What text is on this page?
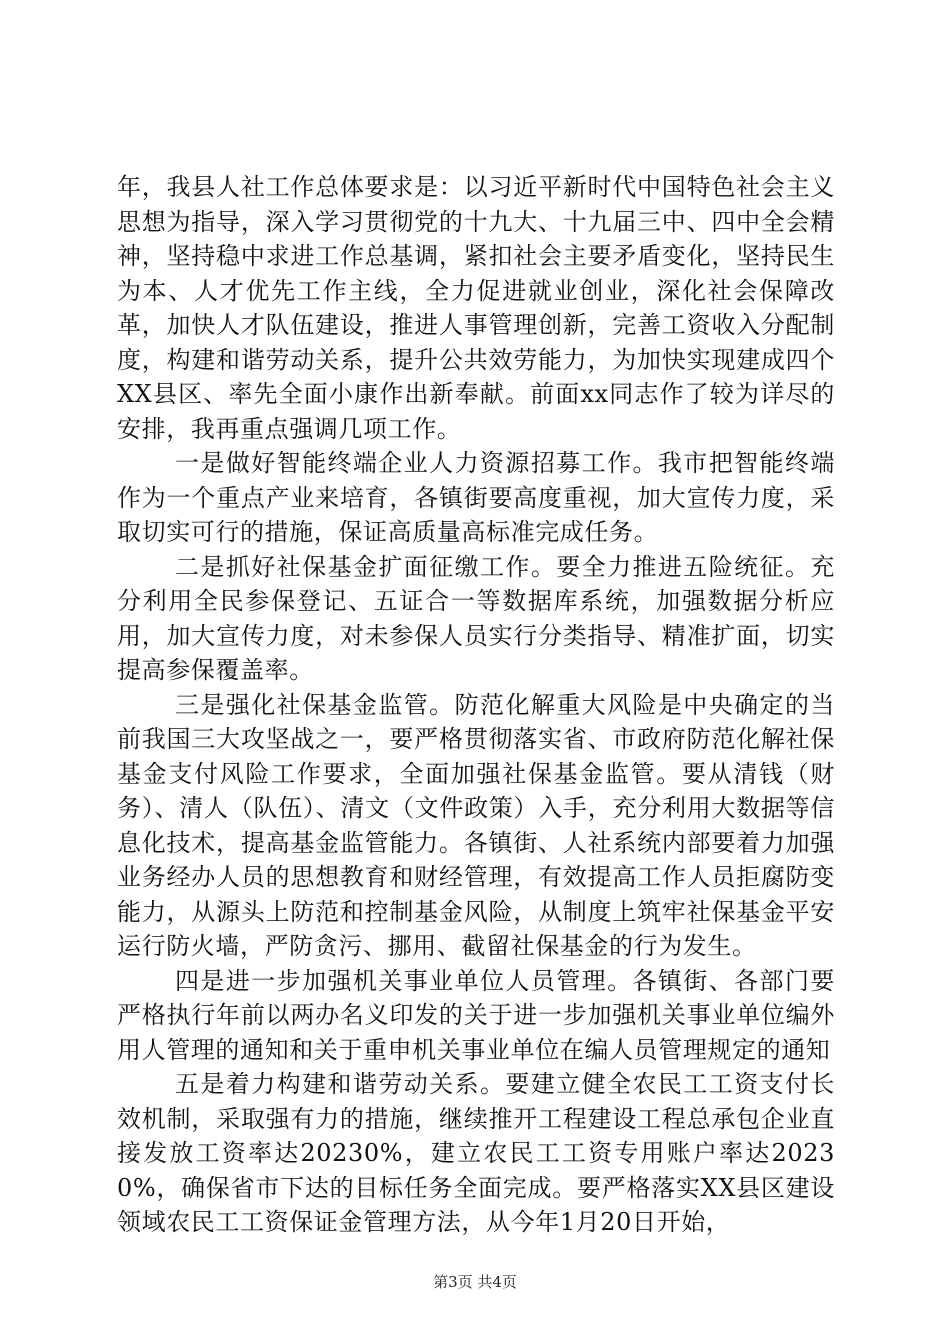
年，我县人社工作总体要求是：以习近平新时代中国特色社会主义思想为指导，深入学习贯彻党的十九大、十九届三中、四中全会精神，坚持稳中求进工作总基调，紧扣社会主要矛盾变化，坚持民生为本、人才优先工作主线，全力促进就业创业，深化社会保障改革，加快人才队伍建设，推进人事管理创新，完善工资收入分配制度，构建和谐劳动关系，提升公共效劳能力，为加快实现建成四个XX县区、率先全面小康作出新奉献。前面xx同志作了较为详尽的安排，我再重点强调几项工作。

一是做好智能终端企业人力资源招募工作。我市把智能终端作为一个重点产业来培育，各镇街要高度重视，加大宣传力度，采取切实可行的措施，保证高质量高标准完成任务。

二是抓好社保基金扩面征缴工作。要全力推进五险统征。充分利用全民参保登记、五证合一等数据库系统，加强数据分析应用，加大宣传力度，对未参保人员实行分类指导、精准扩面，切实提高参保覆盖率。

三是强化社保基金监管。防范化解重大风险是中央确定的当前我国三大攻坚战之一，要严格贯彻落实省、市政府防范化解社保基金支付风险工作要求，全面加强社保基金监管。要从清钱（财务）、清人（队伍）、清文（文件政策）入手，充分利用大数据等信息化技术，提高基金监管能力。各镇街、人社系统内部要着力加强业务经办人员的思想教育和财经管理，有效提高工作人员拒腐防变能力，从源头上防范和控制基金风险，从制度上筑牢社保基金平安运行防火墙，严防贪污、挪用、截留社保基金的行为发生。

四是进一步加强机关事业单位人员管理。各镇街、各部门要严格执行年前以两办名义印发的关于进一步加强机关事业单位编外用人管理的通知和关于重申机关事业单位在编人员管理规定的通知

五是着力构建和谐劳动关系。要建立健全农民工工资支付长效机制，采取强有力的措施，继续推开工程建设工程总承包企业直接发放工资率达20230%，建立农民工工资专用账户率达20230%，确保省市下达的目标任务全面完成。要严格落实XX县区建设领域农民工工资保证金管理方法，从今年1月20日开始，

第3页 共4页
